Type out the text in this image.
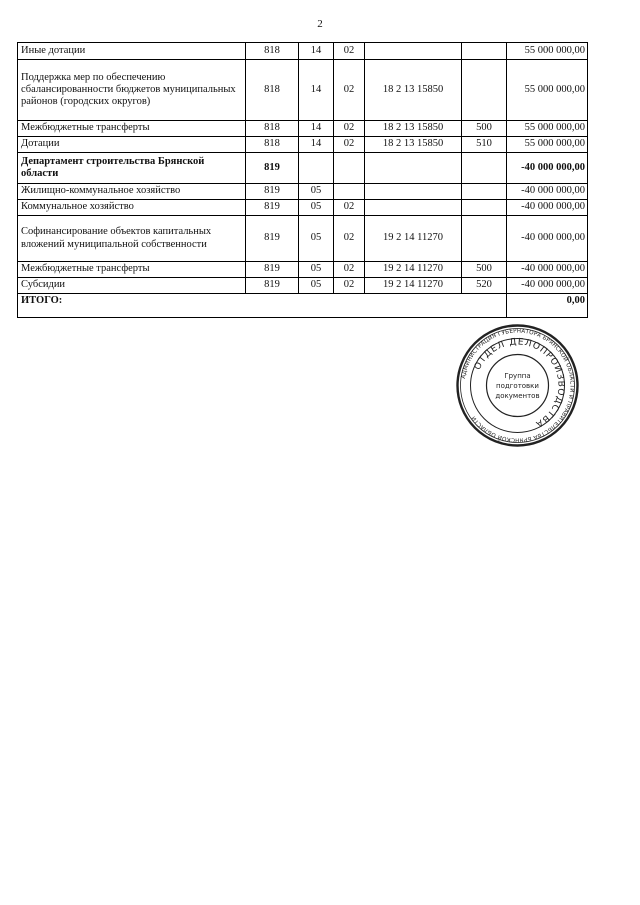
2
Иные дотации	818	14	02			55 000 000,00
Поддержка мер по обеспечению сбалансированности бюджетов муниципальных районов (городских округов)	818	14	02	18 2 13 15850		55 000 000,00
Межбюджетные трансферты	818	14	02	18 2 13 15850	500	55 000 000,00
Дотации	818	14	02	18 2 13 15850	510	55 000 000,00
Департамент строительства Брянской области	819					-40 000 000,00
Жилищно-коммунальное хозяйство	819	05				-40 000 000,00
Коммунальное хозяйство	819	05	02			-40 000 000,00
Софинансирование объектов капитальных вложений муниципальной собственности	819	05	02	19 2 14 11270		-40 000 000,00
Межбюджетные трансферты	819	05	02	19 2 14 11270	500	-40 000 000,00
Субсидии	819	05	02	19 2 14 11270	520	-40 000 000,00
ИТОГО:						0,00
АДМИНИСТРАЦИЯ ГУБЕРНАТОРА БРЯНСКОЙ ОБЛАСТИ И ПРАВИТЕЛЬСТВА БРЯНСКОЙ ОБЛАСТИ
ОТДЕЛ ДЕЛОПРОИЗВОДСТВА
Группа
подготовки
документов
